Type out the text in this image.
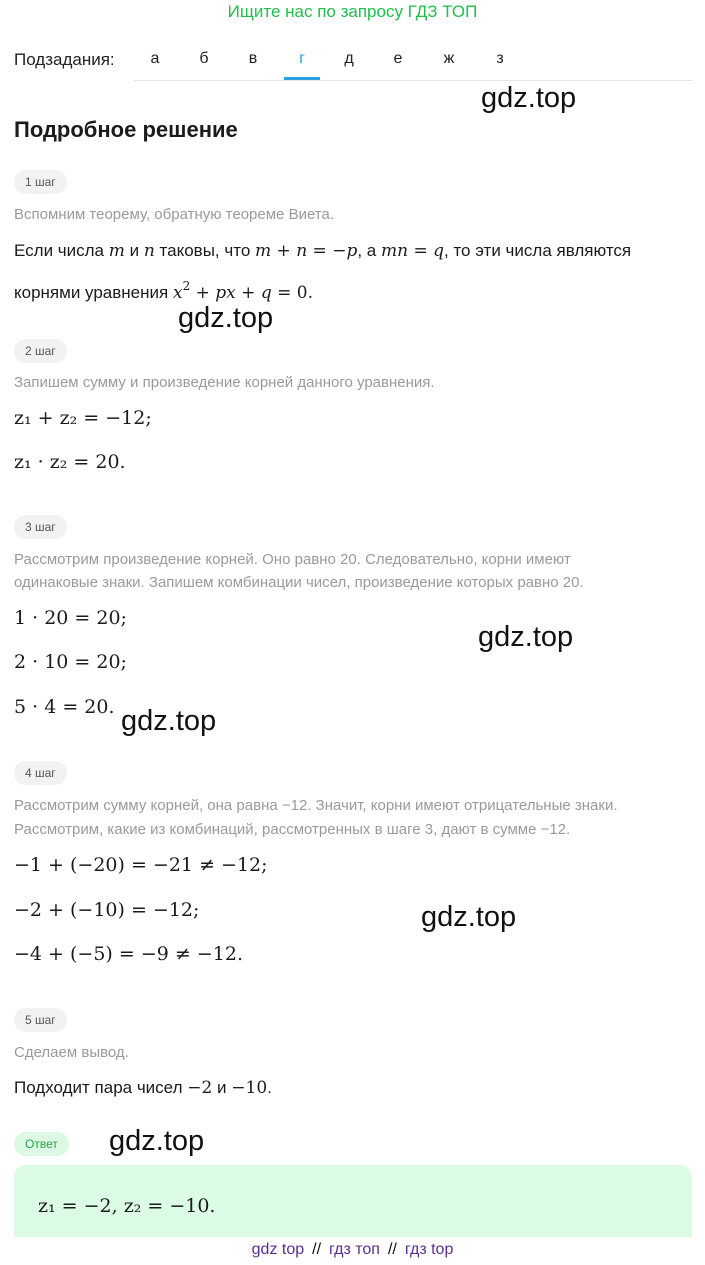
Ищите нас по запросу ГДЗ ТОП
Подзадания:	а	б	в	г	д	е	ж	з
gdz.top
gdz.top
gdz.top
gdz.top
gdz.top
gdz.top
Подробное решение
1 шаг
Вспомним теорему, обратную теореме Виета.
Если числа m и n таковы, что m + n = −p, а mn = q, то эти числа являются
корнями уравнения $x^2$ + px + q = 0.
2 шаг
Запишем сумму и произведение корней данного уравнения.
z₁ + z₂ = −12;
z₁ · z₂ = 20.
3 шаг
Рассмотрим произведение корней. Оно равно 20. Следовательно, корни имеют
одинаковые знаки. Запишем комбинации чисел, произведение которых равно 20.
1 · 20 = 20;
2 · 10 = 20;
5 · 4 = 20.
4 шаг
Рассмотрим сумму корней, она равна −12. Значит, корни имеют отрицательные знаки.
Рассмотрим, какие из комбинаций, рассмотренных в шаге 3, дают в сумме −12.
−1 + (−20) = −21 ≠ −12;
−2 + (−10) = −12;
−4 + (−5) = −9 ≠ −12.
5 шаг
Сделаем вывод.
Подходит пара чисел −2 и −10.
Ответ
z₁ = −2, z₂ = −10.
gdz top // гдз топ // гдз top
